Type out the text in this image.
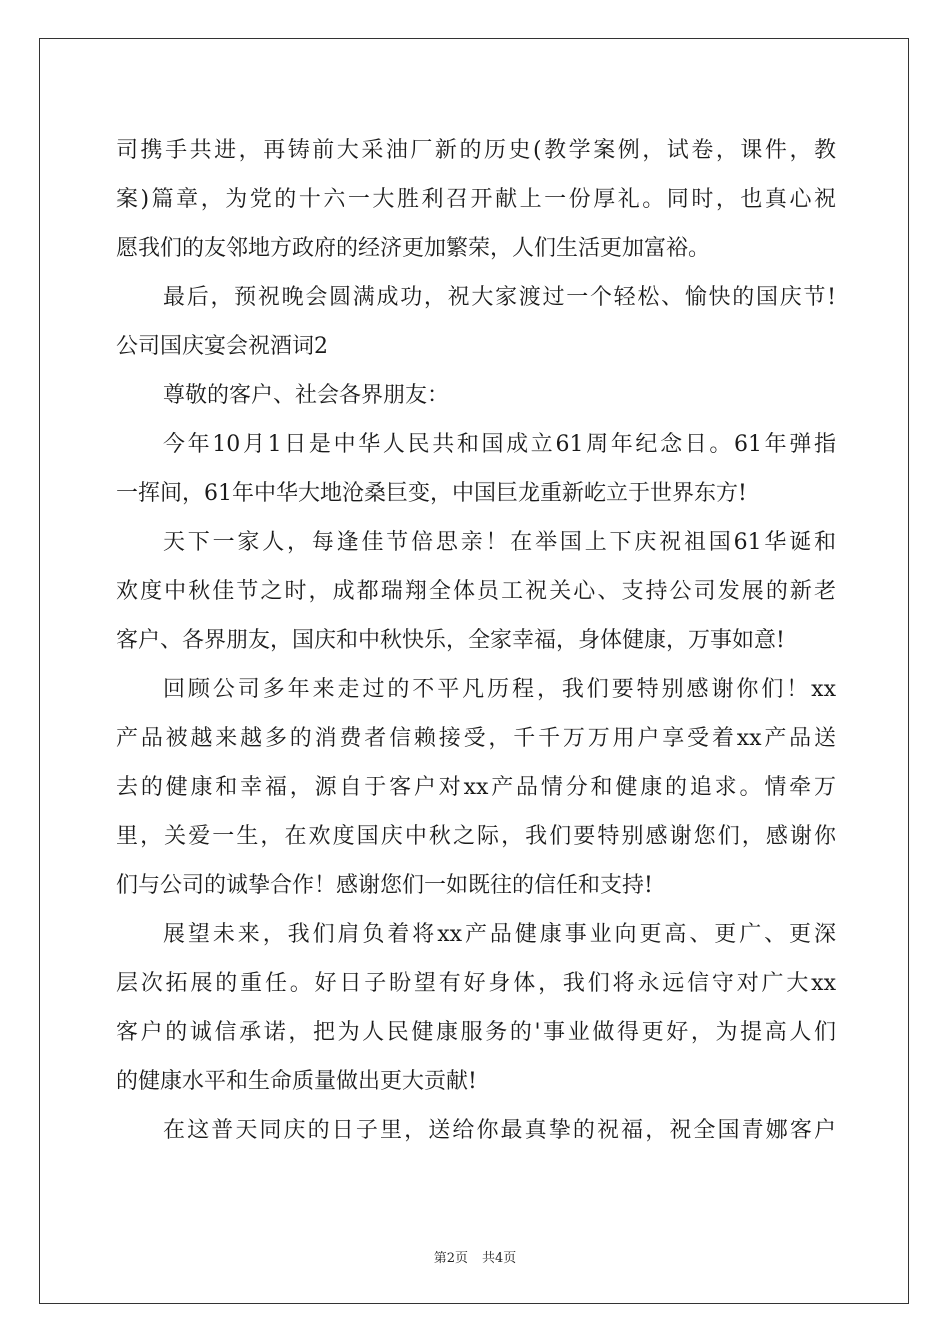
司携手共进，再铸前大采油厂新的历史(教学案例，试卷，课件，教
案)篇章，为党的十六一大胜利召开献上一份厚礼。同时，也真心祝
愿我们的友邻地方政府的经济更加繁荣，人们生活更加富裕。
最后，预祝晚会圆满成功，祝大家渡过一个轻松、愉快的国庆节!
公司国庆宴会祝酒词2
尊敬的客户、社会各界朋友：
今年10月1日是中华人民共和国成立61周年纪念日。61年弹指
一挥间，61年中华大地沧桑巨变，中国巨龙重新屹立于世界东方!
天下一家人，每逢佳节倍思亲！在举国上下庆祝祖国61华诞和
欢度中秋佳节之时，成都瑞翔全体员工祝关心、支持公司发展的新老
客户、各界朋友，国庆和中秋快乐，全家幸福，身体健康，万事如意!
回顾公司多年来走过的不平凡历程，我们要特别感谢你们！xx
产品被越来越多的消费者信赖接受，千千万万用户享受着xx产品送
去的健康和幸福，源自于客户对xx产品情分和健康的追求。情牵万
里，关爱一生，在欢度国庆中秋之际，我们要特别感谢您们，感谢你
们与公司的诚挚合作！感谢您们一如既往的信任和支持!
展望未来，我们肩负着将xx产品健康事业向更高、更广、更深
层次拓展的重任。好日子盼望有好身体，我们将永远信守对广大xx
客户的诚信承诺，把为人民健康服务的'事业做得更好，为提高人们
的健康水平和生命质量做出更大贡献!
在这普天同庆的日子里，送给你最真挚的祝福，祝全国青娜客户
第2页 共4页
